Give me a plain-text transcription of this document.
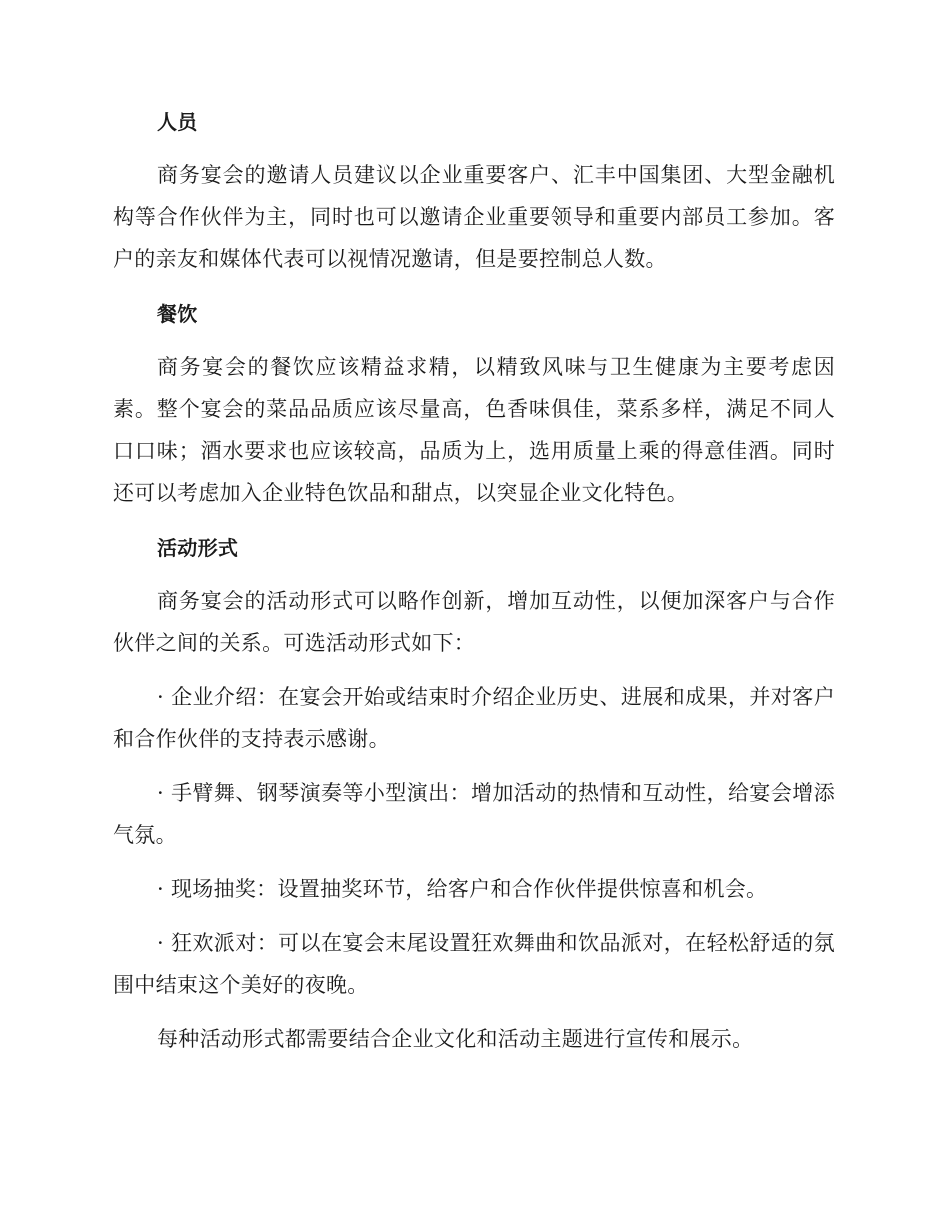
人员

商务宴会的邀请人员建议以企业重要客户、汇丰中国集团、大型金融机构等合作伙伴为主，同时也可以邀请企业重要领导和重要内部员工参加。客户的亲友和媒体代表可以视情况邀请，但是要控制总人数。

餐饮

商务宴会的餐饮应该精益求精，以精致风味与卫生健康为主要考虑因素。整个宴会的菜品品质应该尽量高，色香味俱佳，菜系多样，满足不同人口口味；酒水要求也应该较高，品质为上，选用质量上乘的得意佳酒。同时还可以考虑加入企业特色饮品和甜点，以突显企业文化特色。

活动形式

商务宴会的活动形式可以略作创新，增加互动性，以便加深客户与合作伙伴之间的关系。可选活动形式如下：

· 企业介绍：在宴会开始或结束时介绍企业历史、进展和成果，并对客户和合作伙伴的支持表示感谢。

· 手臂舞、钢琴演奏等小型演出：增加活动的热情和互动性，给宴会增添气氛。

· 现场抽奖：设置抽奖环节，给客户和合作伙伴提供惊喜和机会。

· 狂欢派对：可以在宴会末尾设置狂欢舞曲和饮品派对，在轻松舒适的氛围中结束这个美好的夜晚。

每种活动形式都需要结合企业文化和活动主题进行宣传和展示。
